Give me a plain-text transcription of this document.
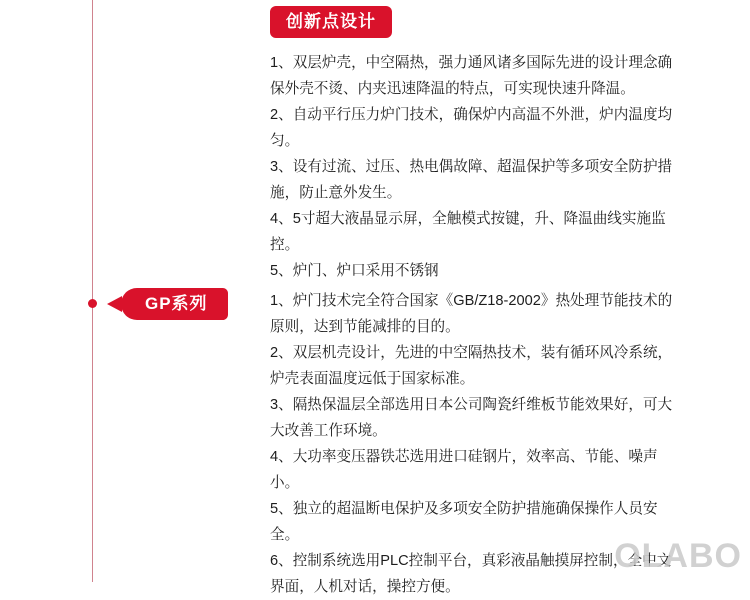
创新点设计

1、双层炉壳，中空隔热，强力通风诸多国际先进的设计理念确保外壳不烫、内夹迅速降温的特点，可实现快速升降温。

2、自动平行压力炉门技术，确保炉内高温不外泄，炉内温度均匀。

3、设有过流、过压、热电偶故障、超温保护等多项安全防护措施，防止意外发生。

4、5寸超大液晶显示屏，全触模式按键，升、降温曲线实施监控。

5、炉门、炉口采用不锈钢

GP系列	1、炉门技术完全符合国家《GB/Z18-2002》热处理节能技术的原则，达到节能减排的目的。

2、双层机壳设计，先进的中空隔热技术，装有循环风冷系统，炉壳表面温度远低于国家标准。

3、隔热保温层全部选用日本公司陶瓷纤维板节能效果好，可大大改善工作环境。

4、大功率变压器铁芯选用进口硅钢片，效率高、节能、噪声小。

5、独立的超温断电保护及多项安全防护措施确保操作人员安全。

6、控制系统选用PLC控制平台，真彩液晶触摸屏控制，全中文界面，人机对话，操控方便。

OLABO
